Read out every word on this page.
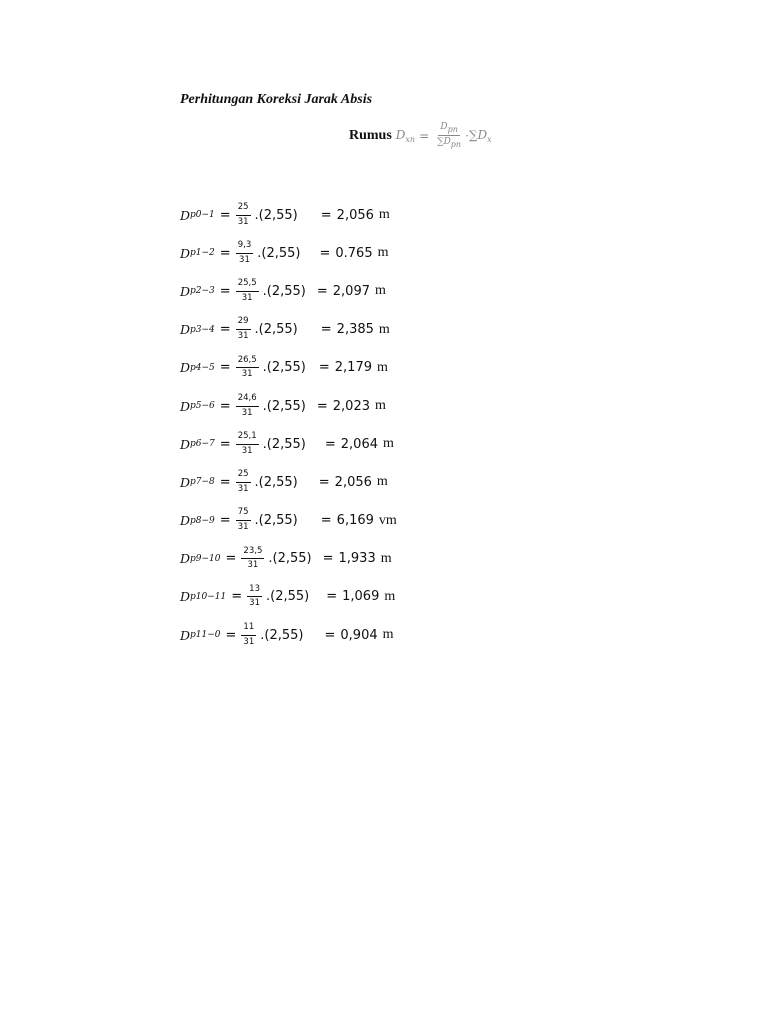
Perhitungan Koreksi Jarak Absis
Rumus $D_{xn} = \frac{\text{Dpn}}{\text{∑Dpn}} \cdot \sum D_x$
D $p0-1 = \frac{25}{31} .(2,55) = 2,056$ m
D $p1-2 = \frac{9,3}{31} .(2,55) = 0.765$ m
D $p2-3 = \frac{25,5}{31} .(2,55) = 2,097$ m
D $p3-4 = \frac{29}{31} .(2,55) = 2,385$ m
D $p4-5 = \frac{26,5}{31} .(2,55) = 2,179$ m
D $p5-6 = \frac{24,6}{31} .(2,55) = 2,023$ m
D $p6-7 = \frac{25,1}{31} .(2,55) = 2,064$ m
D $p7-8 = \frac{25}{31} .(2,55) = 2,056$ m
D $p8-9 = \frac{75}{31} .(2,55) = 6,169$ vm
D $p9-10 = \frac{23,5}{31} .(2,55) = 1,933$ m
D $p10-11 = \frac{13}{31} .(2,55) = 1,069$ m
D $p11-0 = \frac{11}{31} .(2,55) = 0,904$ m
